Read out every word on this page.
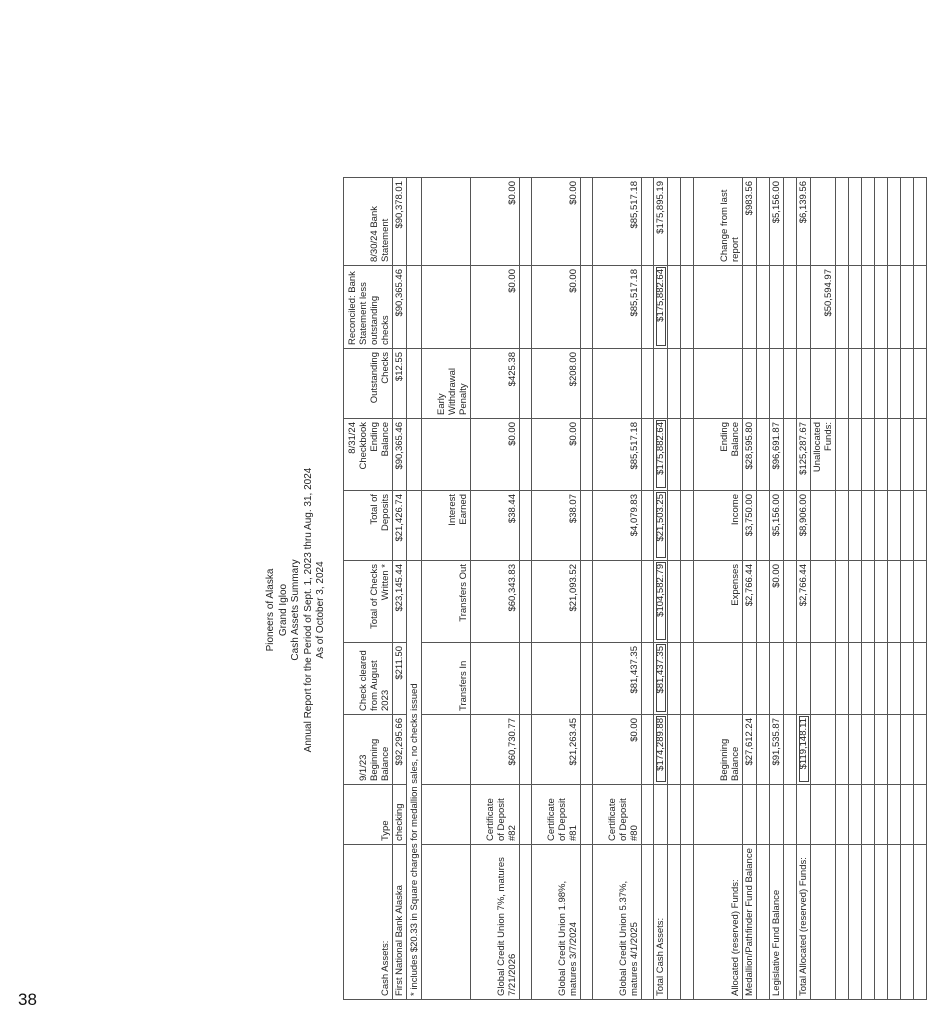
38
Pioneers of Alaska Grand Igloo Cash Assets Summary Annual Report for the Period of Sept. 1, 2023 thru Aug. 31, 2024 As of October 3, 2024
Cash Assets:	Type	9/1/23 Beginning Balance	Check cleared from August 2023	Total of Checks Written *	Total of Deposits	8/31/24 Checkbook Ending Balance	Outstanding Checks	Reconciled: Bank Statement less outstanding checks	8/30/24 Bank Statement
First National Bank Alaska	checking	$92,295.66	$211.50	$23,145.44	$21,426.74	$90,365.46	$12.55	$90,365.46	$90,378.01
* includes $20.33 in Square charges for medallion sales, no checks issued									
			Transfers In	Transfers Out	Interest Earned		Early Withdrawal Penalty		
Global Credit Union 7%, matures 7/21/2026	Certificate of Deposit #82	$60,730.77		$60,343.83	$38.44	$0.00	$425.38	$0.00	$0.00

Global Credit Union 1.98%, matures 3/7/2024	Certificate of Deposit #81	$21,263.45		$21,093.52	$38.07	$0.00	$208.00	$0.00	$0.00

Global Credit Union 5.37%, matures 4/1/2025	Certificate of Deposit #80	$0.00	$81,437.35		$4,079.83	$85,517.18		$85,517.18	$85,517.18

Total Cash Assets:		$174,289.88	$81,437.35	$104,582.79	$21,503.25	$175,882.64		$175,882.64	$175,895.19

Allocated (reserved) Funds:		Beginning Balance		Expenses	Income	Ending Balance			Change from last report
Medallion/Pathfinder Fund Balance		$27,612.24		$2,766.44	$3,750.00	$28,595.80			$983.56

Legislative Fund Balance		$91,535.87		$0.00	$5,156.00	$96,691.87			$5,156.00

Total Allocated (reserved) Funds:		$119,148.11		$2,766.44	$8,906.00	$125,287.67			$6,139.56
						Unallocated Funds:		$50,594.97	
